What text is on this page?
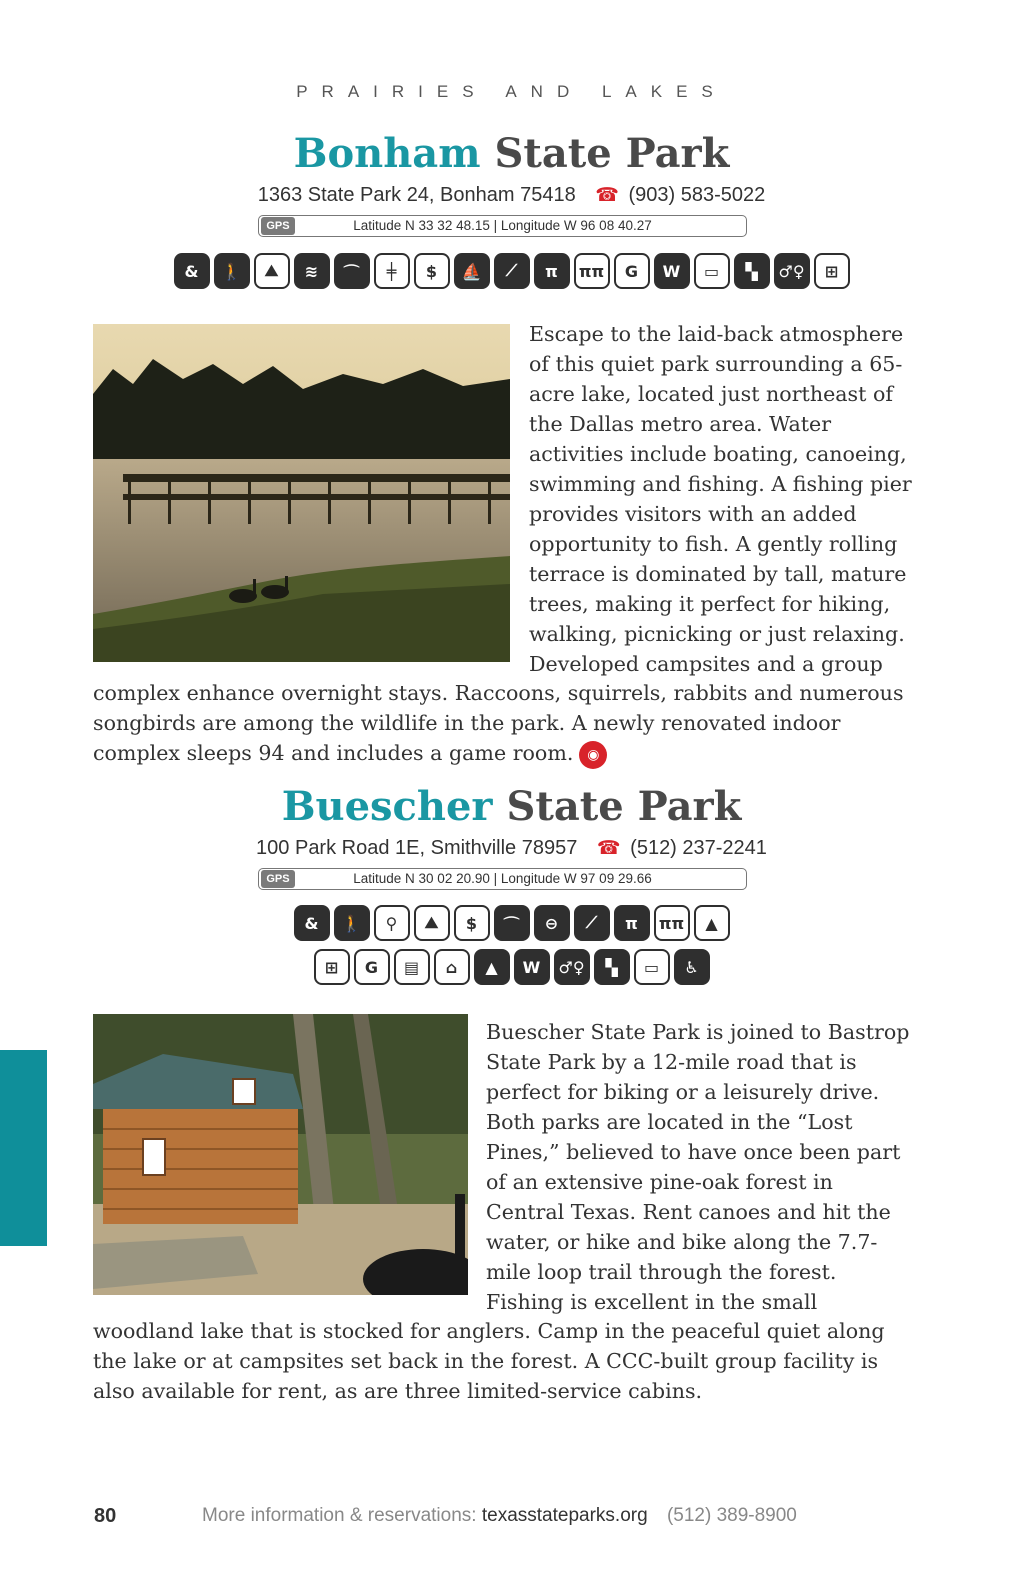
PRAIRIES AND LAKES
Bonham State Park
1363 State Park 24, Bonham 75418 ☎ (903) 583-5022
GPS	Latitude N 33 32 48.15 | Longitude W 96 08 40.27
&	🚶	⛰	≋	⌒	╪	$	⛵	⟋	π	ππ	G	W	▭	▚	♂♀	⊞
Escape to the laid-back atmosphere of this quiet park surrounding a 65-acre lake, located just northeast of the Dallas metro area. Water activities include boating, canoeing, swimming and fishing. A fishing pier provides visitors with an added opportunity to fish. A gently rolling terrace is dominated by tall, mature trees, making it perfect for hiking, walking, picnicking or just relaxing. Developed campsites and a group
complex enhance overnight stays. Raccoons, squirrels, rabbits and numerous songbirds are among the wildlife in the park. A newly renovated indoor complex sleeps 94 and includes a game room. ◉
Buescher State Park
100 Park Road 1E, Smithville 78957 ☎ (512) 237-2241
GPS	Latitude N 30 02 20.90 | Longitude W 97 09 29.66
&	🚶	⚲	⛰	$	⌒	⊖	⟋	π	ππ	▲
⊞	G	▤	⌂	▲	W	♂♀	▚	▭	♿
Buescher State Park is joined to Bastrop State Park by a 12-mile road that is perfect for biking or a leisurely drive. Both parks are located in the “Lost Pines,” believed to have once been part of an extensive pine-oak forest in Central Texas. Rent canoes and hit the water, or hike and bike along the 7.7-mile loop trail through the forest. Fishing is excellent in the small
woodland lake that is stocked for anglers. Camp in the peaceful quiet along the lake or at campsites set back in the forest. A CCC-built group facility is also available for rent, as are three limited-service cabins.
80	More information & reservations: texasstateparks.org (512) 389-8900
